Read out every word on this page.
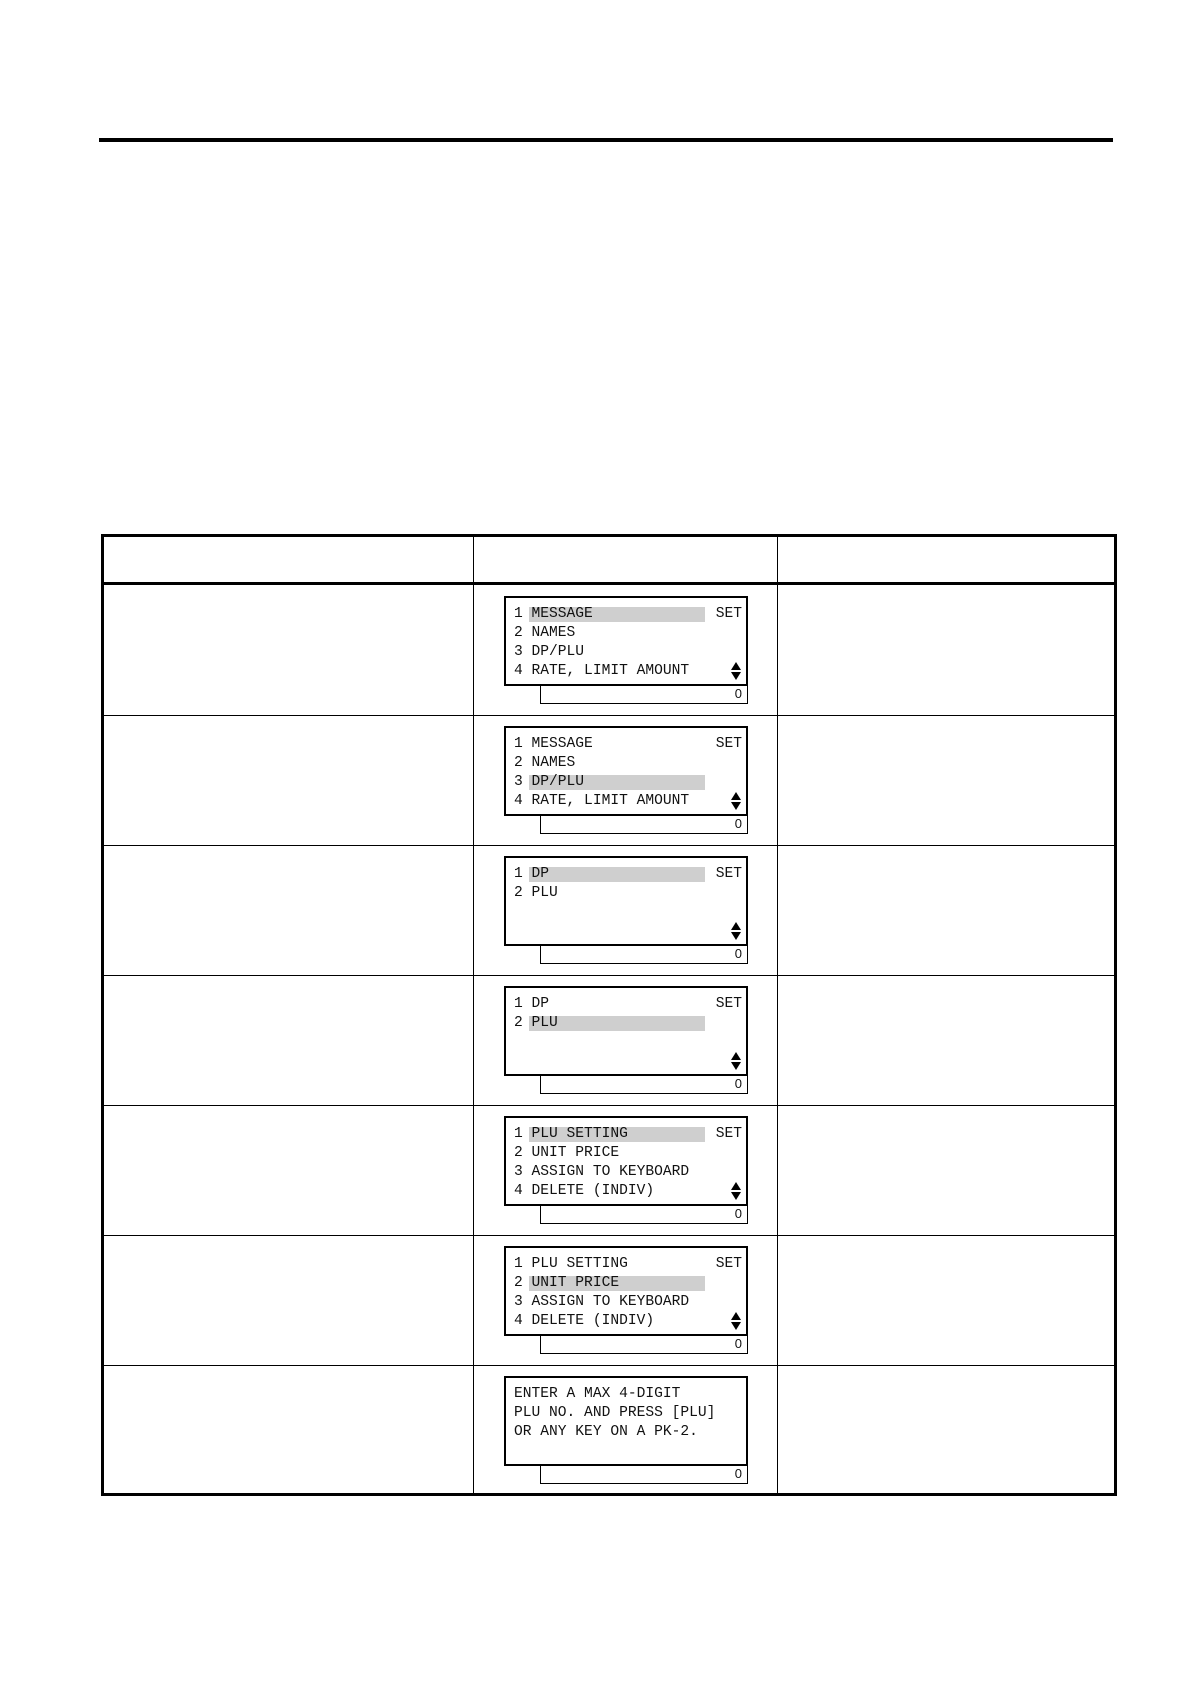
1 MESSAGE
2 NAMES
3 DP/PLU
4 RATE, LIMIT AMOUNT
SET
0
1 MESSAGE
2 NAMES
3 DP/PLU
4 RATE, LIMIT AMOUNT
SET
0
1 DP
2 PLU
SET
0
1 DP
2 PLU
SET
0
1 PLU SETTING
2 UNIT PRICE
3 ASSIGN TO KEYBOARD
4 DELETE (INDIV)
SET
0
1 PLU SETTING
2 UNIT PRICE
3 ASSIGN TO KEYBOARD
4 DELETE (INDIV)
SET
0
ENTER A MAX 4-DIGIT
PLU NO. AND PRESS [PLU]
OR ANY KEY ON A PK-2.
0
